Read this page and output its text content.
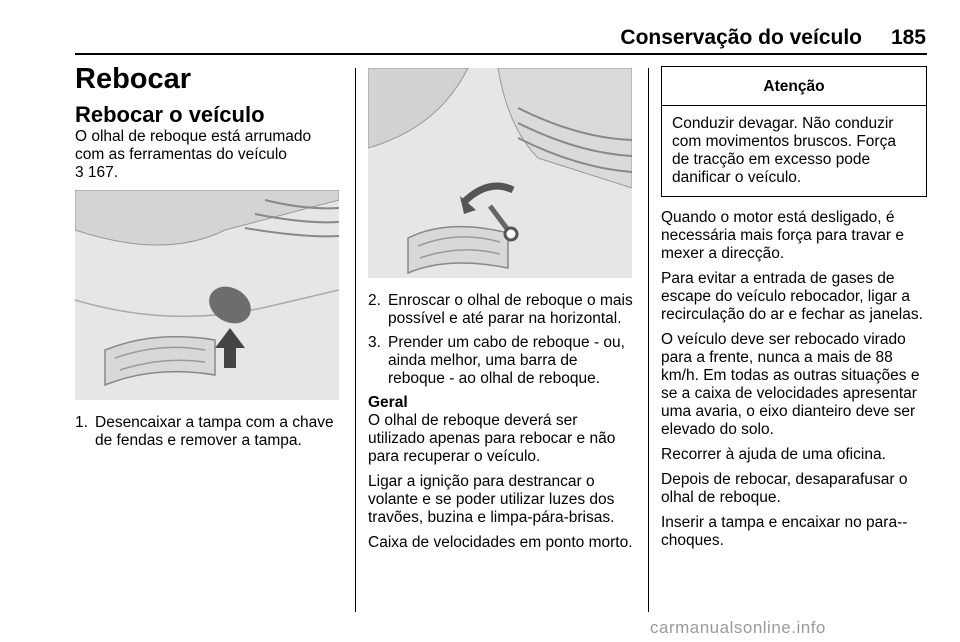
Conservação do veículo	185
Rebocar
Rebocar o veículo
O olhal de reboque está arrumado com as ferramentas do veículo
3 167.
1. Desencaixar a tampa com a chave de fendas e remover a tampa.
2. Enroscar o olhal de reboque o mais possível e até parar na horizontal.
3. Prender um cabo de reboque - ou, ainda melhor, uma barra de reboque - ao olhal de reboque.
Geral
O olhal de reboque deverá ser utilizado apenas para rebocar e não para recuperar o veículo.
Ligar a ignição para destrancar o volante e se poder utilizar luzes dos travões, buzina e limpa-pára-brisas.
Caixa de velocidades em ponto morto.
Atenção
Conduzir devagar. Não conduzir com movimentos bruscos. Força de tracção em excesso pode danificar o veículo.
Quando o motor está desligado, é necessária mais força para travar e mexer a direcção.
Para evitar a entrada de gases de escape do veículo rebocador, ligar a recirculação do ar e fechar as janelas.
O veículo deve ser rebocado virado para a frente, nunca a mais de 88 km/h. Em todas as outras situações e se a caixa de velocidades apresentar uma avaria, o eixo dianteiro deve ser elevado do solo.
Recorrer à ajuda de uma oficina.
Depois de rebocar, desaparafusar o olhal de reboque.
Inserir a tampa e encaixar no para--choques.
carmanualsonline.info
